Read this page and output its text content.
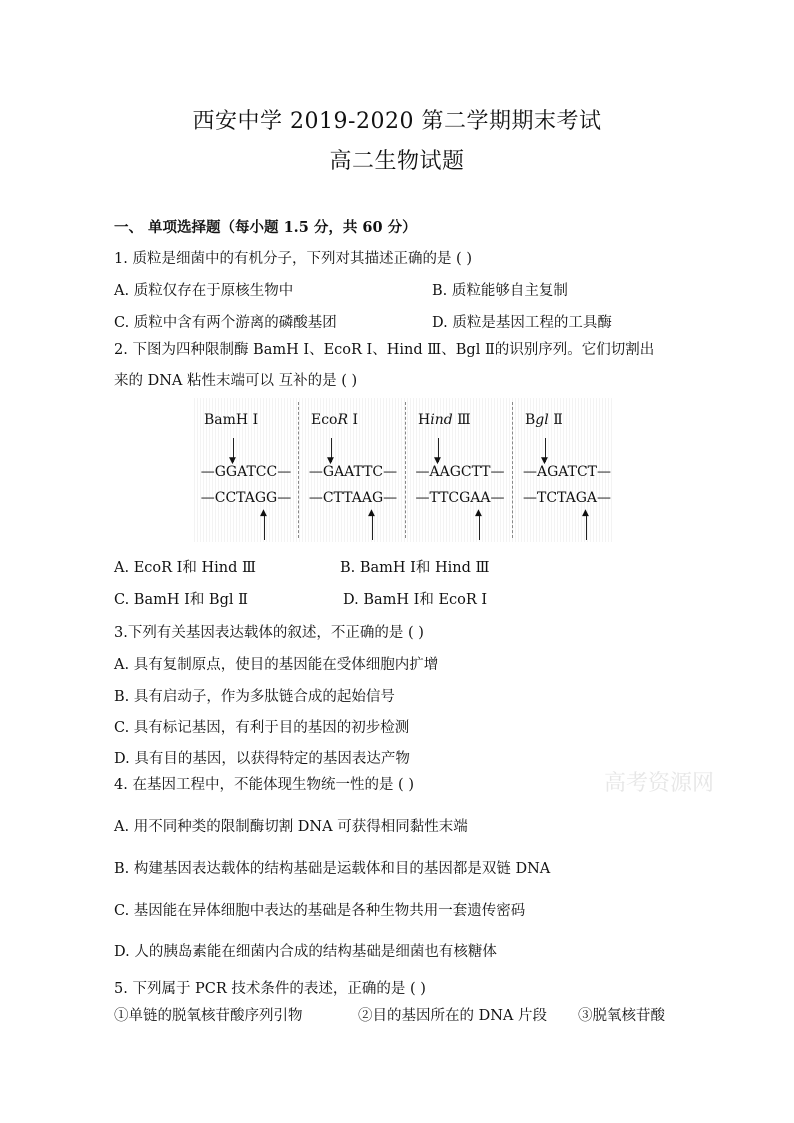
西安中学 2019-2020 第二学期期末考试
高二生物试题
一、 单项选择题（每小题 1.5 分，共 60 分）
1. 质粒是细菌中的有机分子，下列对其描述正确的是 ( )
A. 质粒仅存在于原核生物中	B. 质粒能够自主复制
C. 质粒中含有两个游离的磷酸基团	D. 质粒是基因工程的工具酶
2. 下图为四种限制酶 BamH Ⅰ、EcoR Ⅰ、Hind Ⅲ、Bgl Ⅱ的识别序列。它们切割出
来的 DNA 粘性末端可以 互补的是 ( )
BamH Ⅰ
▼
—GGATCC—
—CCTAGG—
▲
EcoR Ⅰ
▼
—GAATTC—
—CTTAAG—
▲
Hind Ⅲ
▼
—AAGCTT—
—TTCGAA—
▲
Bgl Ⅱ
▼
—AGATCT—
—TCTAGA—
▲
A. EcoR Ⅰ和 Hind Ⅲ	B. BamH Ⅰ和 Hind Ⅲ
C. BamH Ⅰ和 Bgl Ⅱ	D. BamH Ⅰ和 EcoR Ⅰ
3.下列有关基因表达载体的叙述，不正确的是 ( )
A. 具有复制原点，使目的基因能在受体细胞内扩增
B. 具有启动子，作为多肽链合成的起始信号
C. 具有标记基因，有利于目的基因的初步检测
D. 具有目的基因，以获得特定的基因表达产物
4. 在基因工程中，不能体现生物统一性的是 ( )	高考资源网
A. 用不同种类的限制酶切割 DNA 可获得相同黏性末端
B. 构建基因表达载体的结构基础是运载体和目的基因都是双链 DNA
C. 基因能在异体细胞中表达的基础是各种生物共用一套遗传密码
D. 人的胰岛素能在细菌内合成的结构基础是细菌也有核糖体
5. 下列属于 PCR 技术条件的表述，正确的是 ( )
①单链的脱氧核苷酸序列引物	②目的基因所在的 DNA 片段 ③脱氧核苷酸
